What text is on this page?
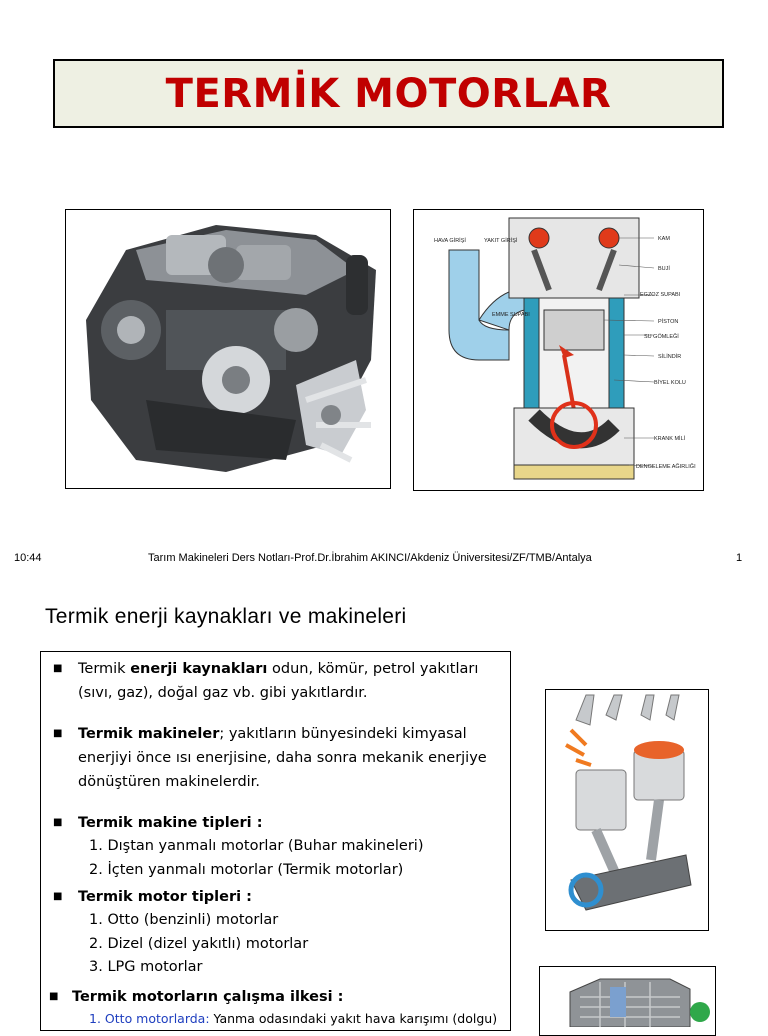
TERMİK MOTORLAR
HAVA GİRİŞİ	YAKIT GİRİŞİ
EMME SUPABI
KAM
BUJİ
EGZOZ SUPABI
PİSTON
SU GÖMLEĞİ
SİLİNDİR
BİYEL KOLU
KRANK MİLİ
DENGELEME AĞIRLIĞI
10:44	Tarım Makineleri Ders Notları-Prof.Dr.İbrahim AKINCI/Akdeniz Üniversitesi/ZF/TMB/Antalya	1
Termik enerji kaynakları ve makineleri
■ Termik enerji kaynakları odun, kömür, petrol yakıtları (sıvı, gaz), doğal gaz vb. gibi yakıtlardır.
■ Termik makineler; yakıtların bünyesindeki kimyasal enerjiyi önce ısı enerjisine, daha sonra mekanik enerjiye dönüştüren makinelerdir.
■ Termik makine tipleri :
1. Dıştan yanmalı motorlar (Buhar makineleri)
2. İçten yanmalı motorlar (Termik motorlar)
■ Termik motor tipleri :
1. Otto (benzinli) motorlar
2. Dizel (dizel yakıtlı) motorlar
3. LPG motorlar
■ Termik motorların çalışma ilkesi :
1. Otto motorlarda: Yanma odasındaki yakıt hava karışımı (dolgu)
